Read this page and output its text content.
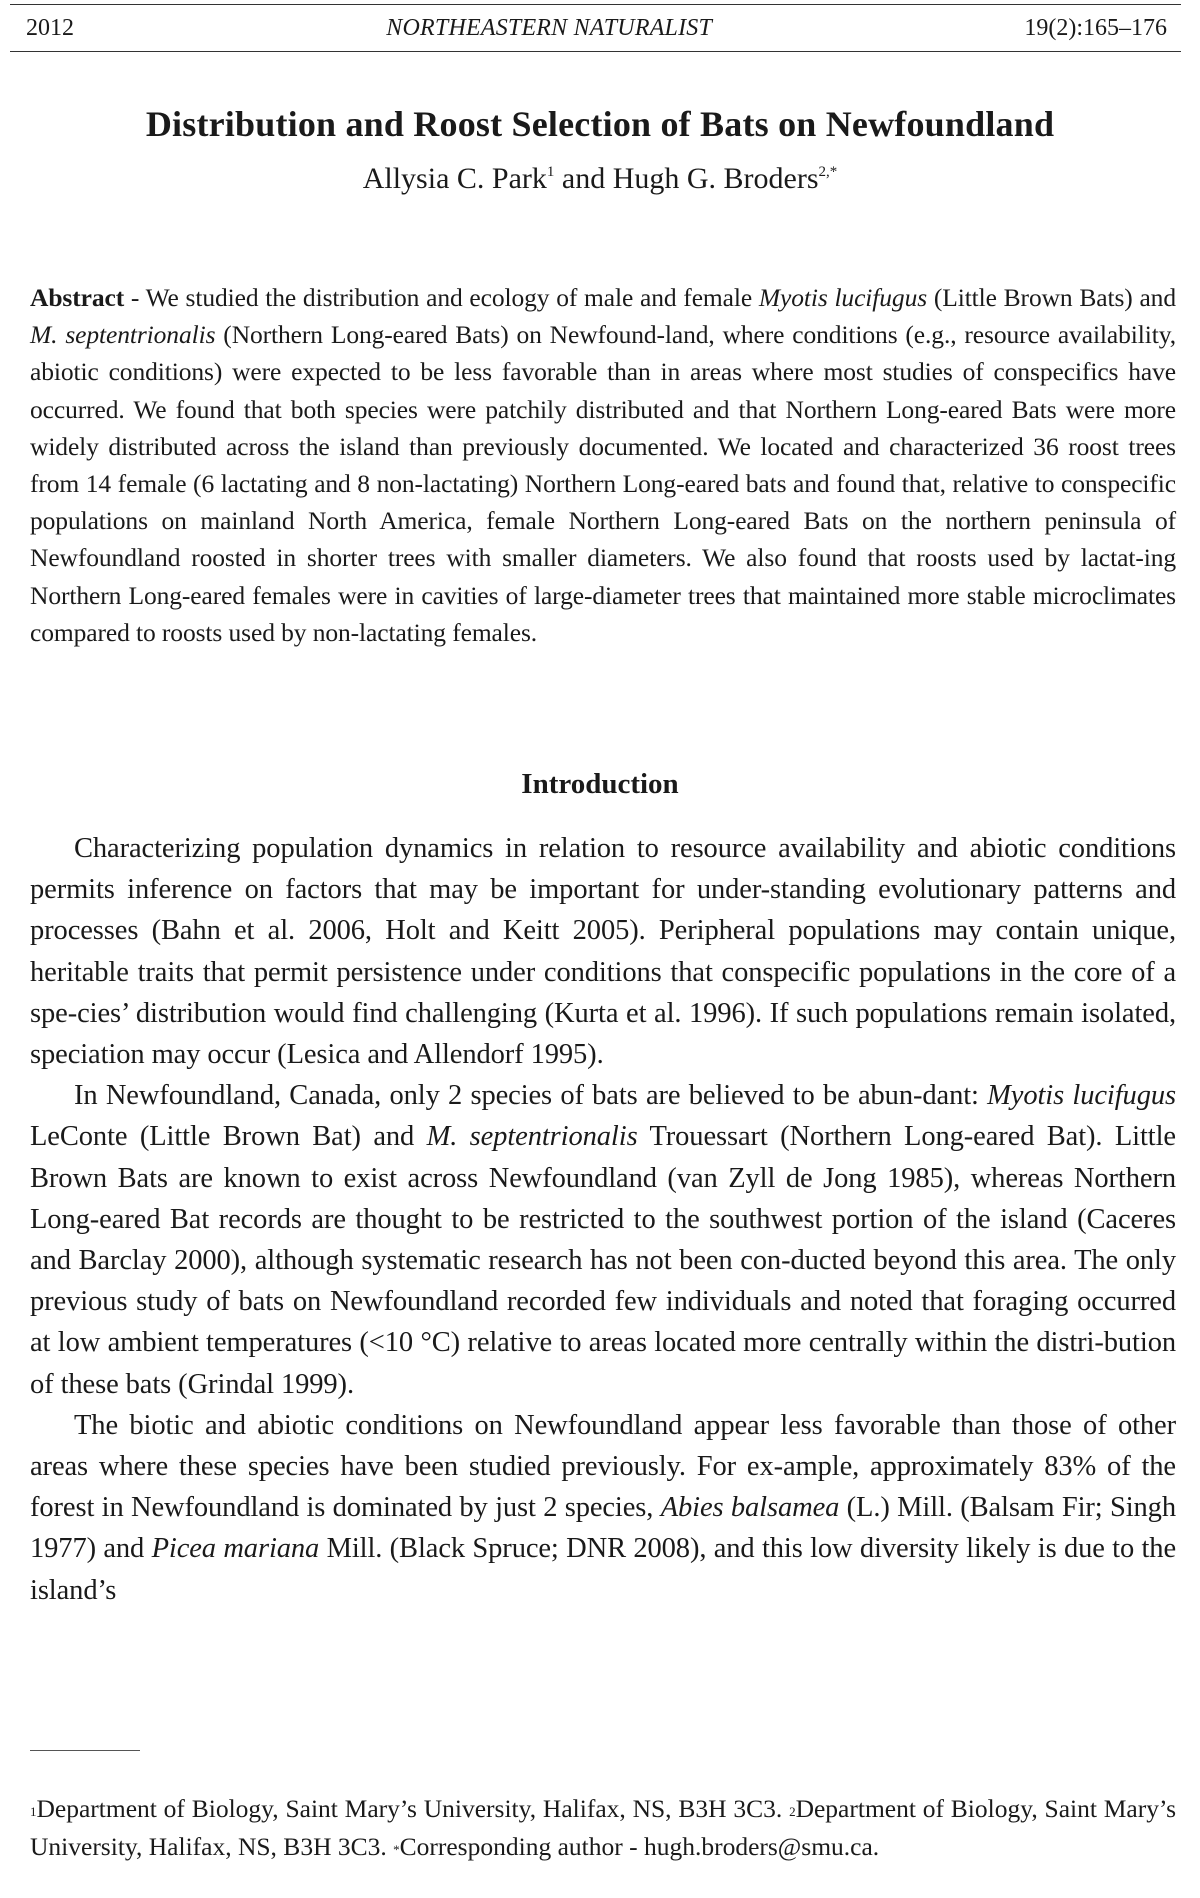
2012	NORTHEASTERN NATURALIST	19(2):165–176
Distribution and Roost Selection of Bats on Newfoundland

Allysia C. Park$^1$ and Hugh G. Broders$^{2,*}$

Abstract - We studied the distribution and ecology of male and female Myotis lucifugus (Little Brown Bats) and M. septentrionalis (Northern Long-eared Bats) on Newfound-land, where conditions (e.g., resource availability, abiotic conditions) were expected to be less favorable than in areas where most studies of conspecifics have occurred. We found that both species were patchily distributed and that Northern Long-eared Bats were more widely distributed across the island than previously documented. We located and characterized 36 roost trees from 14 female (6 lactating and 8 non-lactating) Northern Long-eared bats and found that, relative to conspecific populations on mainland North America, female Northern Long-eared Bats on the northern peninsula of Newfoundland roosted in shorter trees with smaller diameters. We also found that roosts used by lactat-ing Northern Long-eared females were in cavities of large-diameter trees that maintained more stable microclimates compared to roosts used by non-lactating females.

Introduction

Characterizing population dynamics in relation to resource availability and abiotic conditions permits inference on factors that may be important for under-standing evolutionary patterns and processes (Bahn et al. 2006, Holt and Keitt 2005). Peripheral populations may contain unique, heritable traits that permit persistence under conditions that conspecific populations in the core of a spe-cies’ distribution would find challenging (Kurta et al. 1996). If such populations remain isolated, speciation may occur (Lesica and Allendorf 1995).

In Newfoundland, Canada, only 2 species of bats are believed to be abun-dant: Myotis lucifugus LeConte (Little Brown Bat) and M. septentrionalis Trouessart (Northern Long-eared Bat). Little Brown Bats are known to exist across Newfoundland (van Zyll de Jong 1985), whereas Northern Long-eared Bat records are thought to be restricted to the southwest portion of the island (Caceres and Barclay 2000), although systematic research has not been con-ducted beyond this area. The only previous study of bats on Newfoundland recorded few individuals and noted that foraging occurred at low ambient temperatures (<10 °C) relative to areas located more centrally within the distri-bution of these bats (Grindal 1999).

The biotic and abiotic conditions on Newfoundland appear less favorable than those of other areas where these species have been studied previously. For ex-ample, approximately 83% of the forest in Newfoundland is dominated by just 2 species, Abies balsamea (L.) Mill. (Balsam Fir; Singh 1977) and Picea mariana Mill. (Black Spruce; DNR 2008), and this low diversity likely is due to the island’s

$^1$Department of Biology, Saint Mary’s University, Halifax, NS, B3H 3C3. $^2$Department of Biology, Saint Mary’s University, Halifax, NS, B3H 3C3. *Corresponding author - hugh.broders@smu.ca.
